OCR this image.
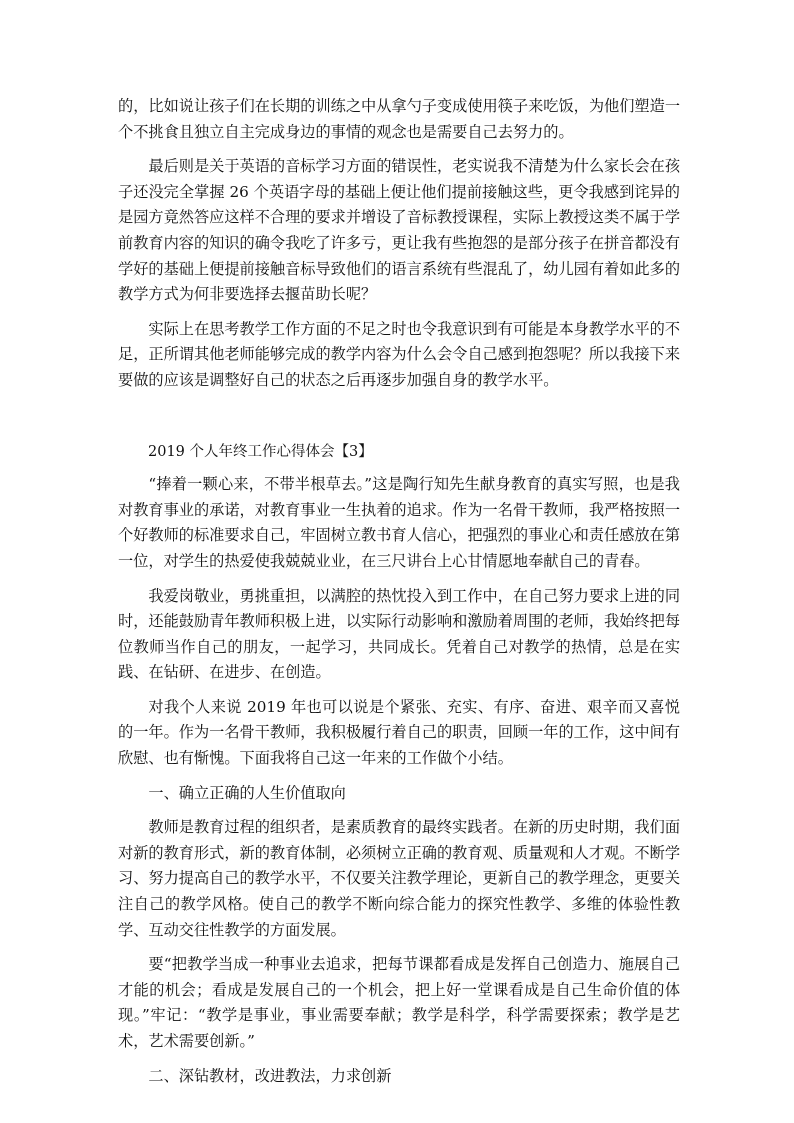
的，比如说让孩子们在长期的训练之中从拿勺子变成使用筷子来吃饭，为他们塑造一个不挑食且独立自主完成身边的事情的观念也是需要自己去努力的。

最后则是关于英语的音标学习方面的错误性，老实说我不清楚为什么家长会在孩子还没完全掌握 26 个英语字母的基础上便让他们提前接触这些，更令我感到诧异的是园方竟然答应这样不合理的要求并增设了音标教授课程，实际上教授这类不属于学前教育内容的知识的确令我吃了许多亏，更让我有些抱怨的是部分孩子在拼音都没有学好的基础上便提前接触音标导致他们的语言系统有些混乱了，幼儿园有着如此多的教学方式为何非要选择去揠苗助长呢？

实际上在思考教学工作方面的不足之时也令我意识到有可能是本身教学水平的不足，正所谓其他老师能够完成的教学内容为什么会令自己感到抱怨呢？所以我接下来要做的应该是调整好自己的状态之后再逐步加强自身的教学水平。

2019 个人年终工作心得体会【3】

“捧着一颗心来，不带半根草去。”这是陶行知先生献身教育的真实写照，也是我对教育事业的承诺，对教育事业一生执着的追求。作为一名骨干教师，我严格按照一个好教师的标准要求自己，牢固树立教书育人信心，把强烈的事业心和责任感放在第一位，对学生的热爱使我兢兢业业，在三尺讲台上心甘情愿地奉献自己的青春。

我爱岗敬业，勇挑重担，以满腔的热忱投入到工作中，在自己努力要求上进的同时，还能鼓励青年教师积极上进，以实际行动影响和激励着周围的老师，我始终把每位教师当作自己的朋友，一起学习，共同成长。凭着自己对教学的热情，总是在实践、在钻研、在进步、在创造。

对我个人来说 2019 年也可以说是个紧张、充实、有序、奋进、艰辛而又喜悦的一年。作为一名骨干教师，我积极履行着自己的职责，回顾一年的工作，这中间有欣慰、也有惭愧。下面我将自己这一年来的工作做个小结。

一、确立正确的人生价值取向

教师是教育过程的组织者，是素质教育的最终实践者。在新的历史时期，我们面对新的教育形式，新的教育体制，必须树立正确的教育观、质量观和人才观。不断学习、努力提高自己的教学水平，不仅要关注教学理论，更新自己的教学理念，更要关注自己的教学风格。使自己的教学不断向综合能力的探究性教学、多维的体验性教学、互动交往性教学的方面发展。

要“把教学当成一种事业去追求，把每节课都看成是发挥自己创造力、施展自己才能的机会；看成是发展自己的一个机会，把上好一堂课看成是自己生命价值的体现。”牢记：“教学是事业，事业需要奉献；教学是科学，科学需要探索；教学是艺术，艺术需要创新。”

二、深钻教材，改进教法，力求创新
